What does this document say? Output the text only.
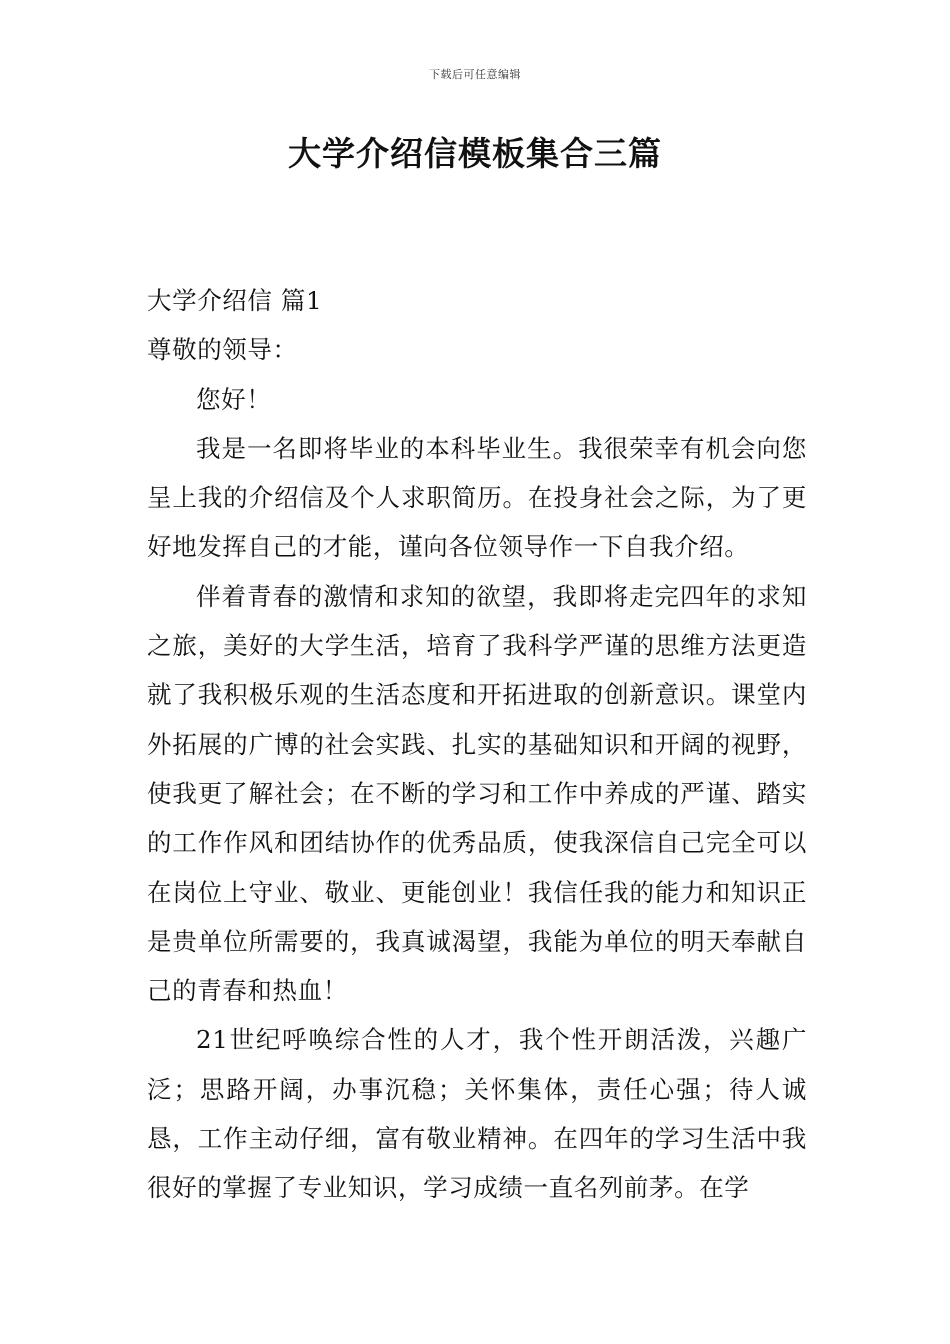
下载后可任意编辑
大学介绍信模板集合三篇

大学介绍信 篇1

尊敬的领导：

您好！

我是一名即将毕业的本科毕业生。我很荣幸有机会向您呈上我的介绍信及个人求职简历。在投身社会之际，为了更好地发挥自己的才能，谨向各位领导作一下自我介绍。

伴着青春的激情和求知的欲望，我即将走完四年的求知之旅，美好的大学生活，培育了我科学严谨的思维方法更造就了我积极乐观的生活态度和开拓进取的创新意识。课堂内外拓展的广博的社会实践、扎实的基础知识和开阔的视野，使我更了解社会；在不断的学习和工作中养成的严谨、踏实的工作作风和团结协作的优秀品质，使我深信自己完全可以在岗位上守业、敬业、更能创业！我信任我的能力和知识正是贵单位所需要的，我真诚渴望，我能为单位的明天奉献自己的青春和热血！

21世纪呼唤综合性的人才，我个性开朗活泼，兴趣广泛；思路开阔，办事沉稳；关怀集体，责任心强；待人诚恳，工作主动仔细，富有敬业精神。在四年的学习生活中我很好的掌握了专业知识，学习成绩一直名列前茅。在学
